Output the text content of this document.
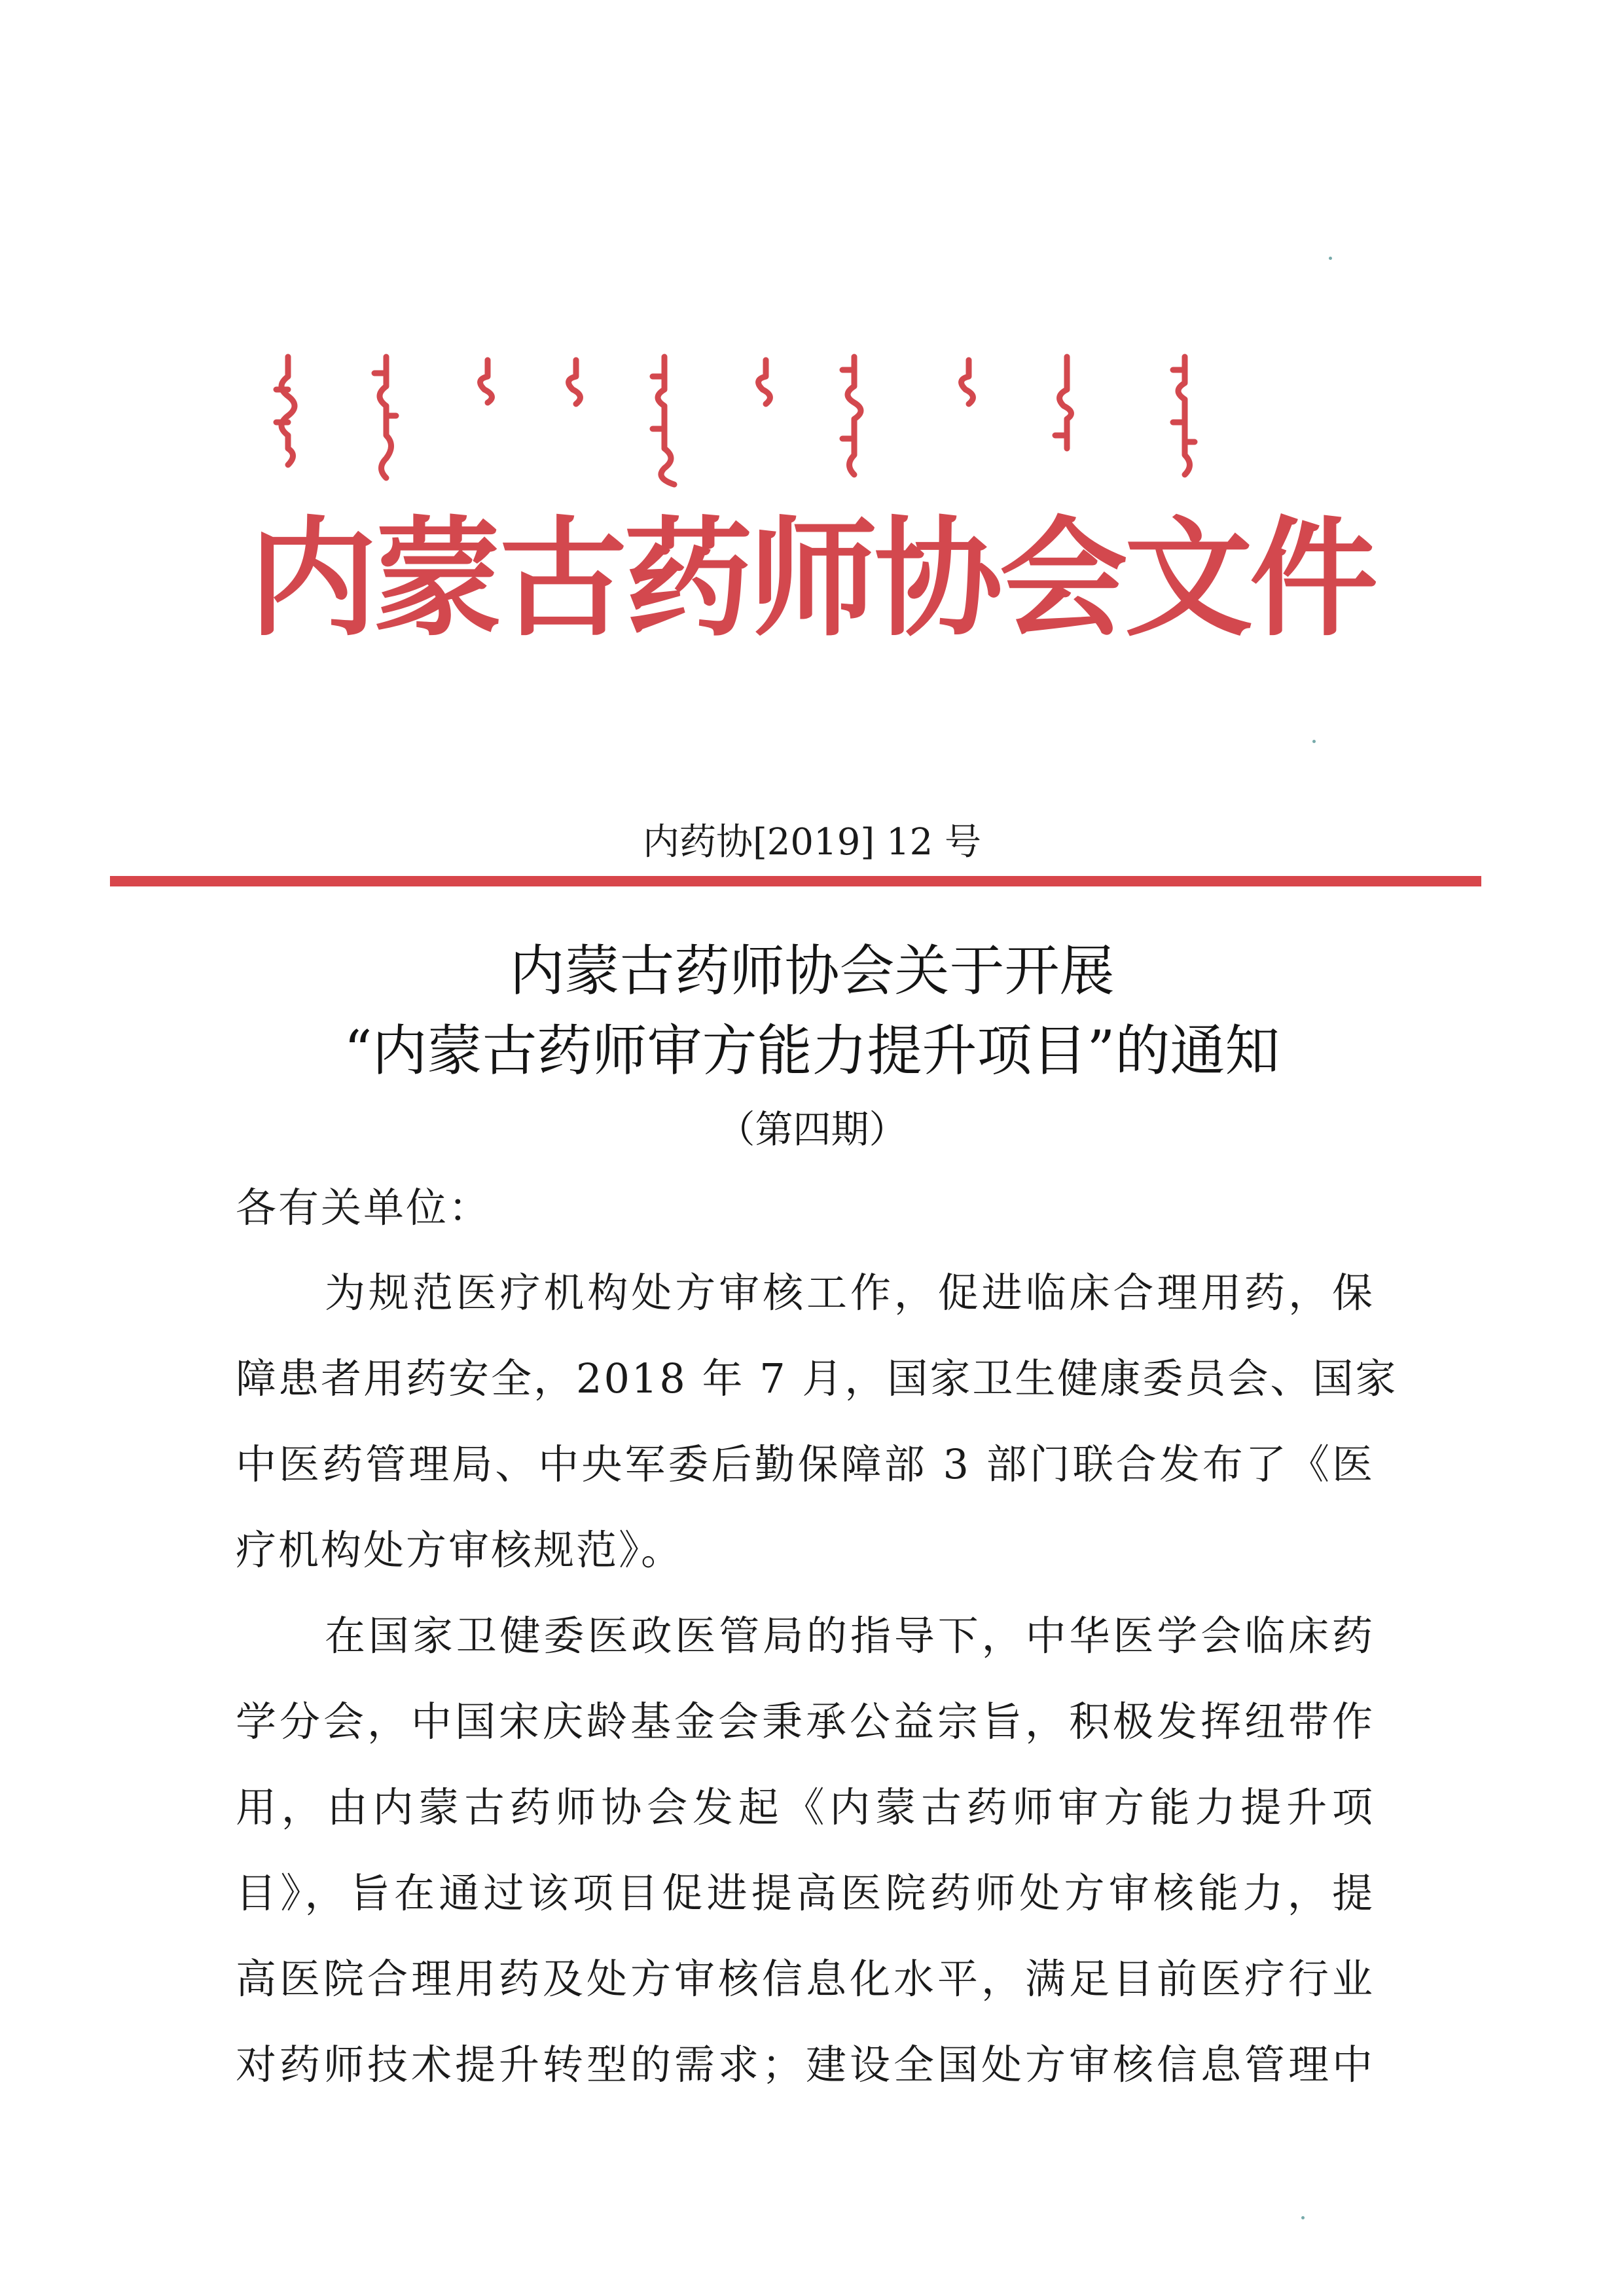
内
蒙
古
药
师
协
会
文
件
内药协[2019] 12 号
内蒙古药师协会关于开展
“内蒙古药师审方能力提升项目”的通知
（第四期）
各有关单位：
为规范医疗机构处方审核工作，促进临床合理用药，保
障患者用药安全，2018 年 7 月，国家卫生健康委员会、国家
中医药管理局、中央军委后勤保障部 3 部门联合发布了《医
疗机构处方审核规范》。
在国家卫健委医政医管局的指导下，中华医学会临床药
学分会，中国宋庆龄基金会秉承公益宗旨，积极发挥纽带作
用，由内蒙古药师协会发起《内蒙古药师审方能力提升项
目》，旨在通过该项目促进提高医院药师处方审核能力，提
高医院合理用药及处方审核信息化水平，满足目前医疗行业
对药师技术提升转型的需求；建设全国处方审核信息管理中
